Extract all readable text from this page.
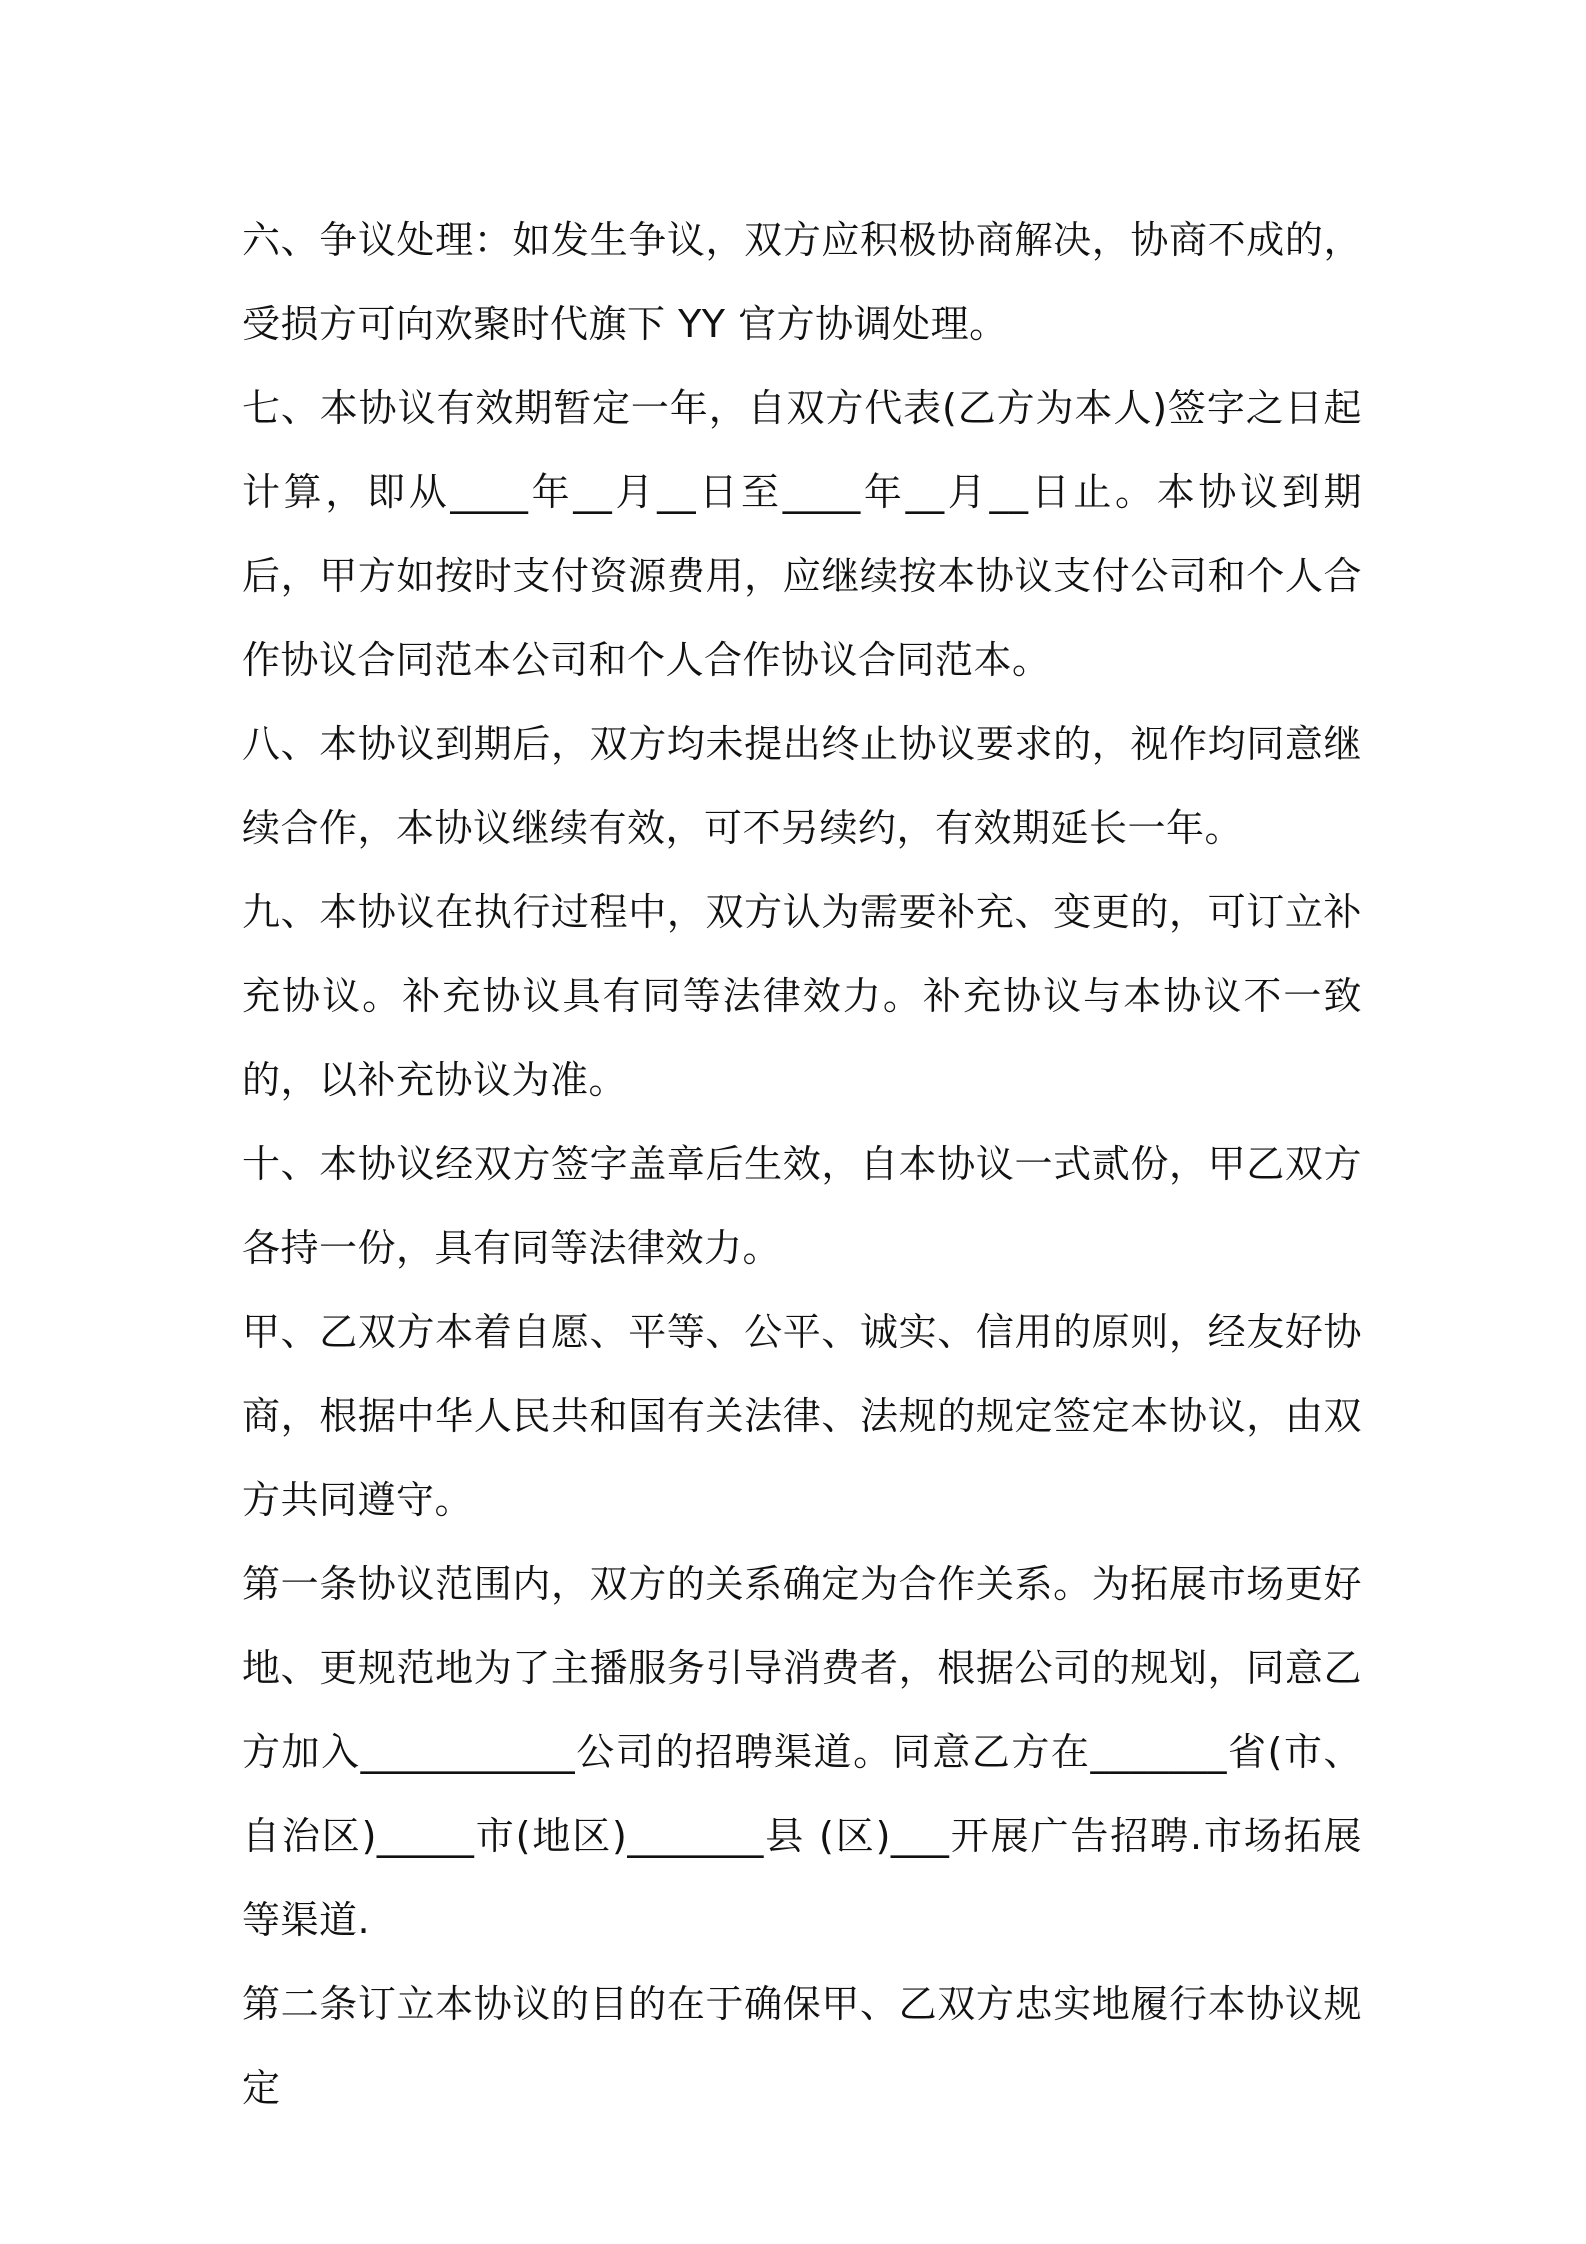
六、争议处理：如发生争议，双方应积极协商解决，协商不成的，受损方可向欢聚时代旗下 YY 官方协调处理。

七、本协议有效期暂定一年，自双方代表(乙方为本人)签字之日起计算，即从____年__月__日至____年__月__日止。本协议到期后，甲方如按时支付资源费用，应继续按本协议支付公司和个人合作协议合同范本公司和个人合作协议合同范本。

八、本协议到期后，双方均未提出终止协议要求的，视作均同意继续合作，本协议继续有效，可不另续约，有效期延长一年。

九、本协议在执行过程中，双方认为需要补充、变更的，可订立补充协议。补充协议具有同等法律效力。补充协议与本协议不一致的，以补充协议为准。

十、本协议经双方签字盖章后生效，自本协议一式贰份，甲乙双方各持一份，具有同等法律效力。

甲、乙双方本着自愿、平等、公平、诚实、信用的原则，经友好协商，根据中华人民共和国有关法律、法规的规定签定本协议，由双方共同遵守。

第一条协议范围内，双方的关系确定为合作关系。为拓展市场更好地、更规范地为了主播服务引导消费者，根据公司的规划，同意乙方加入___________公司的招聘渠道。同意乙方在_______省(市、自治区)_____市(地区)_______县 (区)___开展广告招聘.市场拓展等渠道.

第二条订立本协议的目的在于确保甲、乙双方忠实地履行本协议规定
